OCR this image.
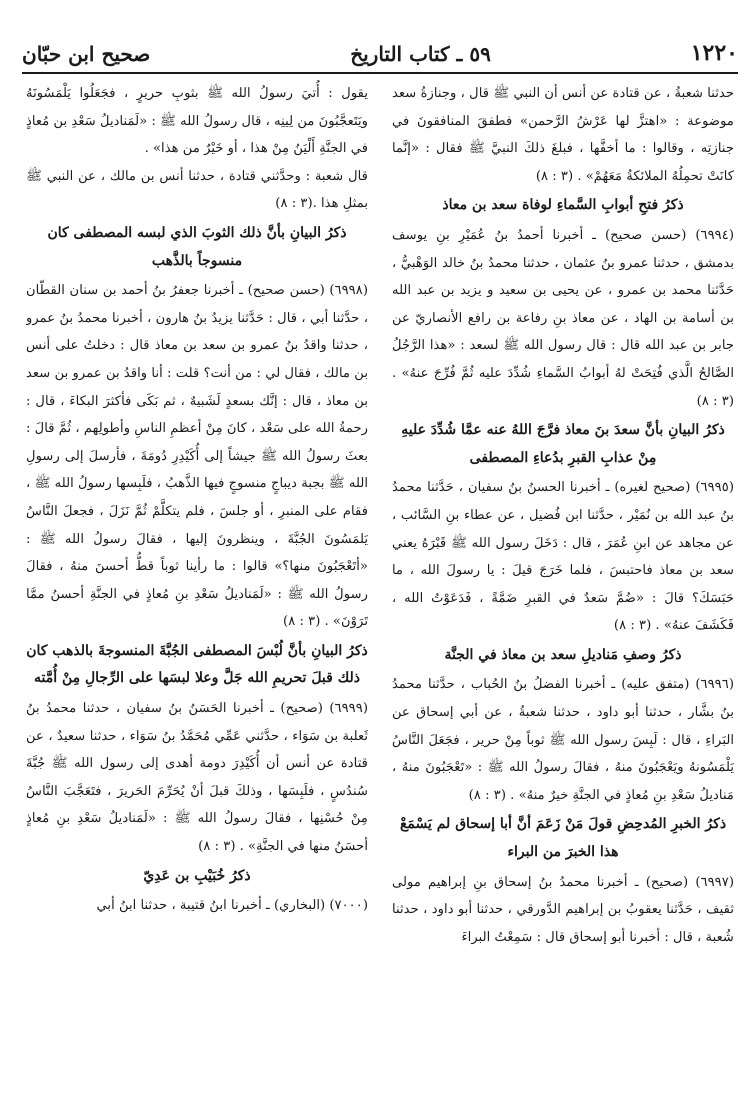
١٢٢٠
٥٩ ـ كتاب التاريخ
صحيح ابن حبّان

حدثنا شعبةُ ، عن قتادة عن أنس أن النبي ﷺ قال ، وجنازةُ سعد موضوعة : «اهتزَّ لها عَرْشُ الرَّحمن» فطفقَ المنافقونَ في جنازتِه ، وقالوا : ما أخفَّها ، فبلغَ ذلكَ النبيَّ ﷺ فقال : «إنَّما كانَتْ تحمِلُهُ الملائكةُ مَعَهُمْ» . (٣ : ٨)

ذكرُ فتحِ أبوابِ السَّماءِ لوفاة سعد بن معاذ

(٦٩٩٤) (حسن صحيح) ـ أخبرنا أحمدُ بنُ عُمَيْرِ بنِ يوسف بدمشق ، حدثنا عمرو بنُ عثمان ، حدثنا محمدُ بنُ خالد الوَهْبيُّ ، حَدَّثنا محمد بن عمرو ، عن يحيى بن سعيد و يزيد بن عبد الله بن أسامة بن الهاد ، عن معاذ بنِ رفاعة بن رافع الأنصاريّ عن جابر بن عبد الله قال : قال رسول الله ﷺ لسعد : «هذا الرَّجُلُ الصَّالحُ الَّذي فُتِحَتْ لهُ أبوابُ السَّماءِ شُدِّدَ عليه ثُمَّ فُرِّجَ عنهُ» . (٣ : ٨)

ذكرُ البيانِ بأنَّ سعدَ بنَ معاذ فرَّجَ اللهُ عنه عمَّا شُدِّدَ عليهِ مِنْ عذابِ القبرِ بدُعاءِ المصطفى

(٦٩٩٥) (صحيح لغيره) ـ أخبرنا الحسنُ بنُ سفيان ، حَدَّثنا محمدُ بنُ عبد الله بن نُمَيْر ، حدَّثنا ابن فُضيل ، عن عطاء بنِ السَّائب ، عن مجاهد عن ابنِ عُمَرَ ، قال : دَخَلَ رسول الله ﷺ قَبْرَهُ يعني سعد بن معاذ فاحتبسَ ، فلما خَرَجَ قيلَ : يا رسولَ الله ، ما حَبَسَكَ؟ قالَ : «ضُمَّ سَعدٌ في القبرِ ضَمَّةً ، فَدَعَوْتُ الله ، فَكَشَفَ عنهُ» . (٣ : ٨)

ذكرُ وصفِ مَناديلِ سعد بن معاذ في الجنَّة

(٦٩٩٦) (متفق عليه) ـ أخبرنا الفضلُ بنُ الحُباب ، حدَّثنا محمدُ بنُ بشَّار ، حدثنا أبو داود ، حدثنا شعبةُ ، عن أبي إسحاق عن البَراءِ ، قال : لَبِسَ رسول الله ﷺ ثوباً مِنْ حرير ، فجَعَلَ النَّاسُ يَلْمَسُونهُ ويَعْجَبُونَ منهُ ، فقالَ رسولُ الله ﷺ : «تَعْجَبُونَ منهُ ، مَناديلُ سَعْدِ بنِ مُعاذٍ في الجنَّةِ خيرٌ منهُ» . (٣ : ٨)

ذكرُ الخبرِ المُدحِضِ قولَ مَنْ زَعَمَ أنَّ أبا إسحاق لم يَسْمَعْ هذا الخبرَ من البراء

(٦٩٩٧) (صحيح) ـ أخبرنا محمدُ بنُ إسحاق بنِ إبراهيم مولى ثقيف ، حَدَّثنا يعقوبُ بن إبراهيم الدَّورقي ، حدثنا أبو داود ، حدثنا شُعبة ، قال : أخبرنا أبو إسحاق قال : سَمِعْتُ البراءَ

يقول : أُتيَ رسولُ الله ﷺ بثوبِ حريرٍ ، فجَعَلُوا يَلْمَسُونَهُ ويَتَعجَّبُونَ من لِينِه ، قال رسولُ الله ﷺ : «لَمَناديلُ سَعْدِ بن مُعاذٍ في الجنَّةِ أَلْيَنُ مِنْ هذا ، أو خَيْرٌ من هذا» .

قال شعبة : وحدَّثني قتادة ، حدثنا أنس بن مالك ، عن النبي ﷺ بمثلِ هذا .(٣ : ٨)

ذكرُ البيانِ بأنَّ ذلك الثوبَ الذي لبسه المصطفى كان منسوجاً بالذَّهب

(٦٩٩٨) (حسن صحيح) ـ أخبرنا جعفرُ بنُ أحمد بن سنان القطّان ، حدَّثنا أبي ، قال : حَدَّثنا يزيدُ بنُ هارون ، أخبرنا محمدُ بنُ عمرو ، حدثنا واقدُ بنُ عمرو بن سعد بن معاذ قال : دخلتُ على أنس بن مالك ، فقال لي : من أنت؟ قلت : أنا واقدُ بن عمرو بن سعد بن معاذ ، قال : إنَّك بسعدٍ لَشَبيهٌ ، ثم بَكَى فأكثرَ البكاءَ ، قال : رحمةُ الله على سَعْد ، كانَ مِنْ أعظمِ الناسِ وأطولِهم ، ثُمَّ قالَ : بعثَ رسولُ الله ﷺ جيشاً إلى أُكَيْدِرِ دُومَةَ ، فأرسلَ إلى رسولِ الله ﷺ بجبة ديباجٍ منسوجٍ فيها الذَّهبُ ، فلَبِسها رسولُ الله ﷺ ، فقام على المنبرِ ، أو جلسَ ، فلم يتكلَّمْ ثُمَّ نَزَلَ ، فجعلَ النَّاسُ يَلمَسُونَ الجُبَّةَ ، وينظرونَ إليها ، فقالَ رسولُ الله ﷺ : «أتَعْجَبُونَ منها؟» قالوا : ما رأينا ثوباً قطُّ أحسنَ منهُ ، فقالَ رسولُ الله ﷺ : «لَمَناديلُ سَعْدِ بنِ مُعاذٍ في الجنَّةِ أحسنُ ممَّا تَرَوْنَ» . (٣ : ٨)

ذكرُ البيانِ بأنَّ لُبْسَ المصطفى الجُبَّةَ المنسوجةَ بالذهب كان ذلك قبلَ تحريمِ الله جَلَّ وعلا لبسَها على الرِّجالِ مِنْ أُمَّته

(٦٩٩٩) (صحيح) ـ أخبرنا الحَسَنُ بنُ سفيان ، حدثنا محمدُ بنُ ثَعلبة بن سَوَاء ، حدَّثني عَمِّي مُحَمَّدُ بنُ سَوَاء ، حدثنا سعيدٌ ، عن قتادة عن أنس أن أُكَيْدِرَ دومة أهدى إلى رسول الله ﷺ جُبَّةَ سُندُسٍ ، فلَبِسَها ، وذلكَ قبلَ أنْ يُحَرِّمَ الحَريرَ ، فتَعَجَّبَ النَّاسُ مِنْ حُسْنِها ، فقالَ رسولُ الله ﷺ : «لَمَناديلُ سَعْدِ بنِ مُعاذٍ أحسَنُ منها في الجنَّةِ» . (٣ : ٨)

ذكرُ خُبَيْبِ بن عَدِيّ

(٧٠٠٠) (البخاري) ـ أخبرنا ابنُ قتيبة ، حدثنا ابنُ أبي
